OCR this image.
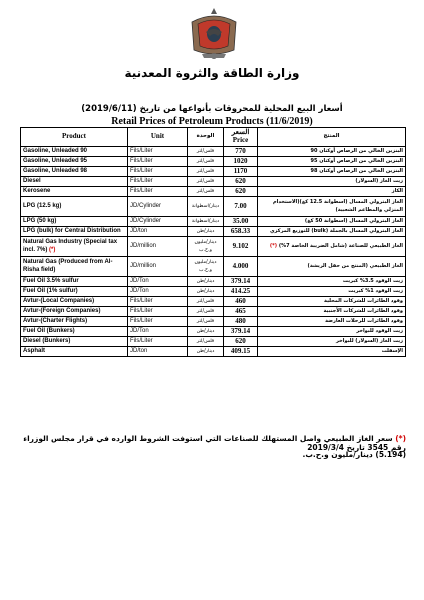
وزارة الطاقة والثروة المعدنية
أسعار البيع المحلية للمحروقات بأنواعها من تاريخ (2019/6/11)
Retail Prices of Petroleum Products (11/6/2019)
Product	Unit	الوحدة	السعر Price	المنتج
Gasoline, Unleaded 90	Fils/Liter	فلس/لتر	770	البنزين الخالي من الرصاص أوكتان 90
Gasoline, Unleaded 95	Fils/Liter	فلس/لتر	1020	البنزين الخالي من الرصاص أوكتان 95
Gasoline, Unleaded 98	Fils/Liter	فلس/لتر	1170	البنزين الخالي من الرصاص أوكتان 98
Diesel	Fils/Liter	فلس/لتر	620	زيت الغاز (السولار)
Kerosene	Fils/Liter	فلس/لتر	620	الكاز
LPG (12.5 kg)	JD/Cylinder	دينار/اسطوانة	7.00	الغاز البترولي المسال (اسطوانة 12.5 كغ)(الاستخدام المنزلي والمطاعم الشعبية)
LPG (50 kg)	JD/Cylinder	دينار/اسطوانة	35.00	الغاز البترولي المسال (اسطوانة 50 كغ)
LPG (bulk) for Central Distribution	JD/ton	دينار/طن	658.33	الغاز البترولي المسال بالجملة (bulk) للتوزيع المركزي
Natural Gas Industry (Special tax incl. 7%) (*)	JD/million	دينار/مليون و.ح.ب	9.102	الغاز الطبيعي للصناعة (شامل الضريبة الخاصة 7%) (*)
Natural Gas (Produced from Al-Risha field)	JD/million	دينار/مليون و.ح.ب	4.000	الغاز الطبيعي (المنتج من حقل الريشة)
Fuel Oil 3.5% sulfur	JD/Ton	دينار/طن	379.14	زيت الوقود 3.5% كبريت
Fuel Oil (1% sulfur)	JD/Ton	دينار/طن	414.25	زيت الوقود 1% كبريت
Avtur-(Local Companies)	Fils/Liter	فلس/لتر	460	وقود الطائرات للشركات المحلية
Avtur-(Foreign Companies)	Fils/Liter	فلس/لتر	465	وقود الطائرات للشركات الأجنبية
Avtur-(Charter Flights)	Fils/Liter	فلس/لتر	480	وقود الطائرات للرحلات العارضة
Fuel Oil (Bunkers)	JD/Ton	دينار/طن	379.14	زيت الوقود للبواخر
Diesel (Bunkers)	Fils/Liter	فلس/لتر	620	زيت الغاز (السولار) للبواخر
Asphalt	JD/ton	دينار/طن	409.15	الإسفلت
(*) سعر الغاز الطبيعي واصل المستهلك للصناعات التي استوفت الشروط الوارده في قرار مجلس الوزراء رقم 3545 تاريخ 2019/3/4
(5.194) دينار/مليون و.ح.ب.
